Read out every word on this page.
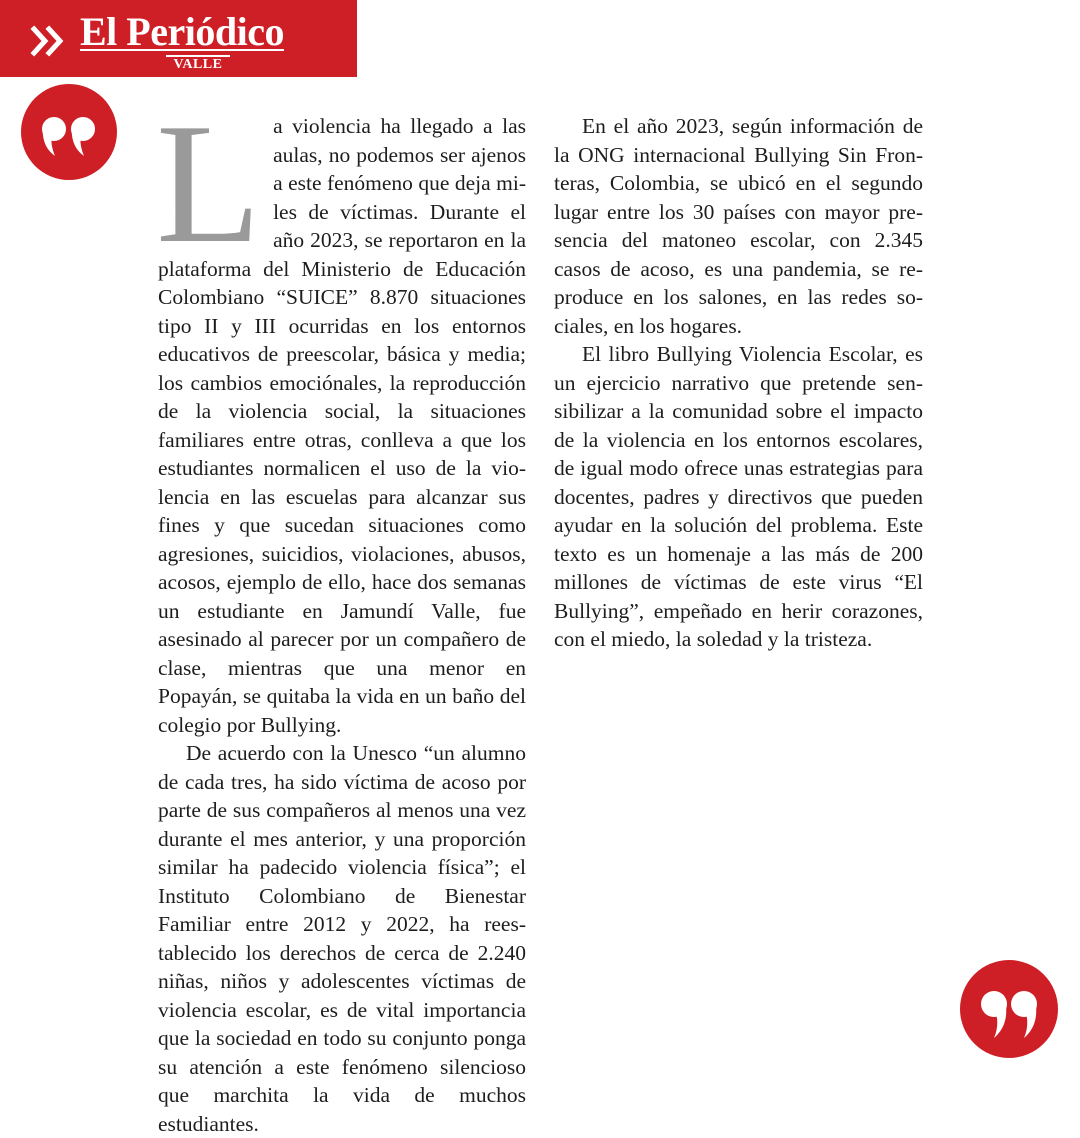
El Periódico
VALLE

La violencia ha llegado a las aulas, no podemos ser ajenos a este fenómeno que deja miles de víctimas. Durante el año 2023, se reportaron en la plataforma del Ministerio de Educación Colombiano “SUICE” 8.870 situaciones tipo II y III ocurridas en los entornos educativos de preescolar, básica y media; los cambios emociónales, la reproducción de la violencia social, la situaciones familiares entre otras, conlleva a que los estudiantes normalicen el uso de la violencia en las escuelas para alcanzar sus fines y que sucedan situaciones como agresiones, suicidios, violaciones, abusos, acosos, ejemplo de ello, hace dos semanas un estudiante en Jamundí Valle, fue asesinado al parecer por un compañero de clase, mientras que una menor en Popayán, se quitaba la vida en un baño del colegio por Bullying.

De acuerdo con la Unesco “un alumno de cada tres, ha sido víctima de acoso por parte de sus compañeros al menos una vez durante el mes anterior, y una proporción similar ha padecido violencia física”; el Instituto Colombiano de Bienestar Familiar entre 2012 y 2022, ha reestablecido los derechos de cerca de 2.240 niñas, niños y adolescentes víctimas de violencia escolar, es de vital importancia que la sociedad en todo su conjunto ponga su atención a este fenómeno silencioso que marchita la vida de muchos estudiantes.

En el año 2023, según información de la ONG internacional Bullying Sin Fronteras, Colombia, se ubicó en el segundo lugar entre los 30 países con mayor presencia del matoneo escolar, con 2.345 casos de acoso, es una pandemia, se reproduce en los salones, en las redes sociales, en los hogares.

El libro Bullying Violencia Escolar, es un ejercicio narrativo que pretende sensibilizar a la comunidad sobre el impacto de la violencia en los entornos escolares, de igual modo ofrece unas estrategias para docentes, padres y directivos que pueden ayudar en la solución del problema. Este texto es un homenaje a las más de 200 millones de víctimas de este virus “El Bullying”, empeñado en herir corazones, con el miedo, la soledad y la tristeza.
